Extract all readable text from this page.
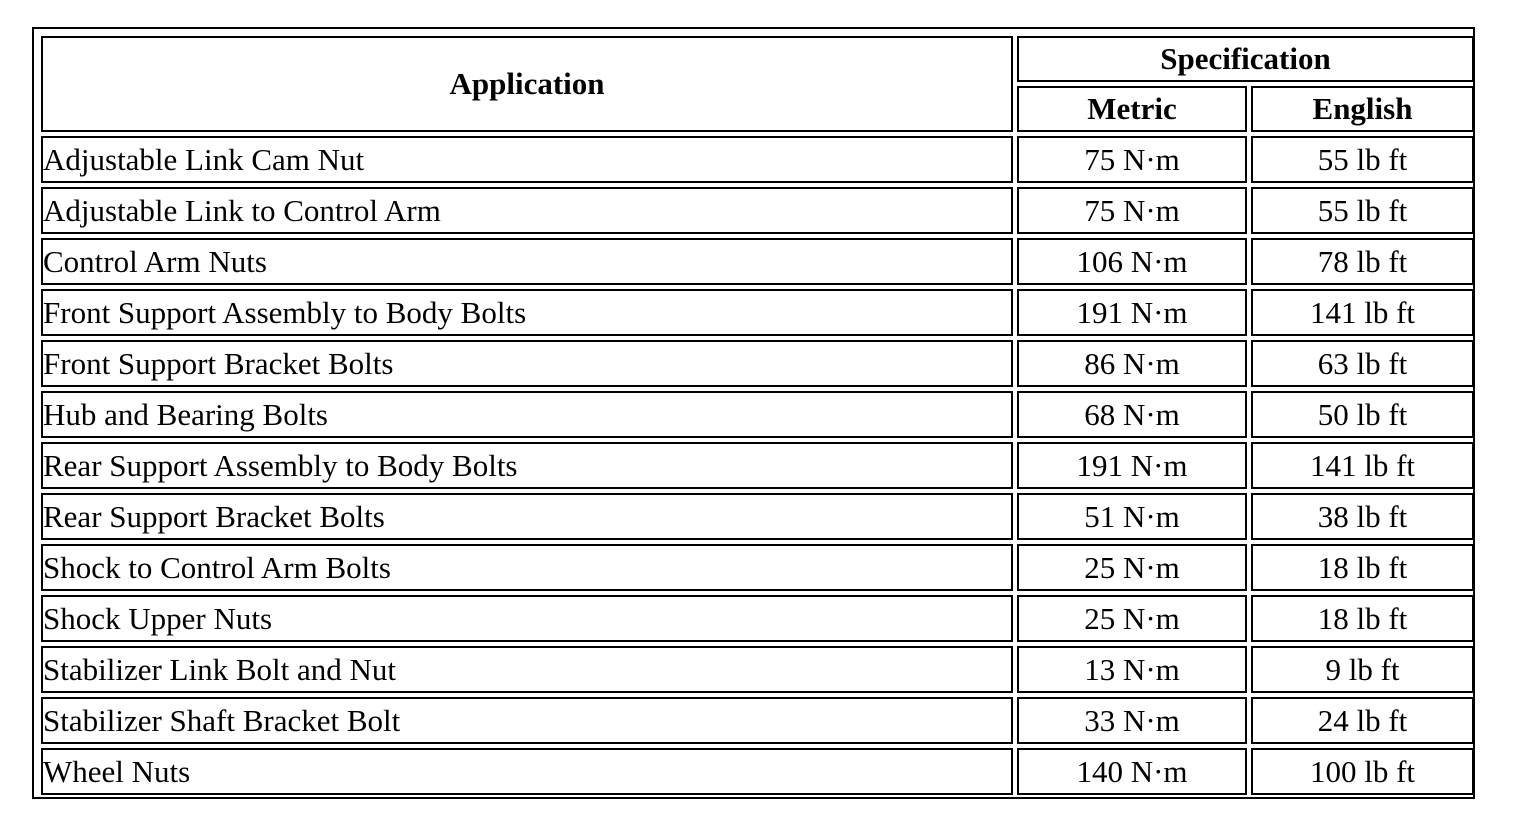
Application	Specification	
	Metric	English
Adjustable Link Cam Nut	75 N·m	55 lb ft
Adjustable Link to Control Arm	75 N·m	55 lb ft
Control Arm Nuts	106 N·m	78 lb ft
Front Support Assembly to Body Bolts	191 N·m	141 lb ft
Front Support Bracket Bolts	86 N·m	63 lb ft
Hub and Bearing Bolts	68 N·m	50 lb ft
Rear Support Assembly to Body Bolts	191 N·m	141 lb ft
Rear Support Bracket Bolts	51 N·m	38 lb ft
Shock to Control Arm Bolts	25 N·m	18 lb ft
Shock Upper Nuts	25 N·m	18 lb ft
Stabilizer Link Bolt and Nut	13 N·m	9 lb ft
Stabilizer Shaft Bracket Bolt	33 N·m	24 lb ft
Wheel Nuts	140 N·m	100 lb ft
